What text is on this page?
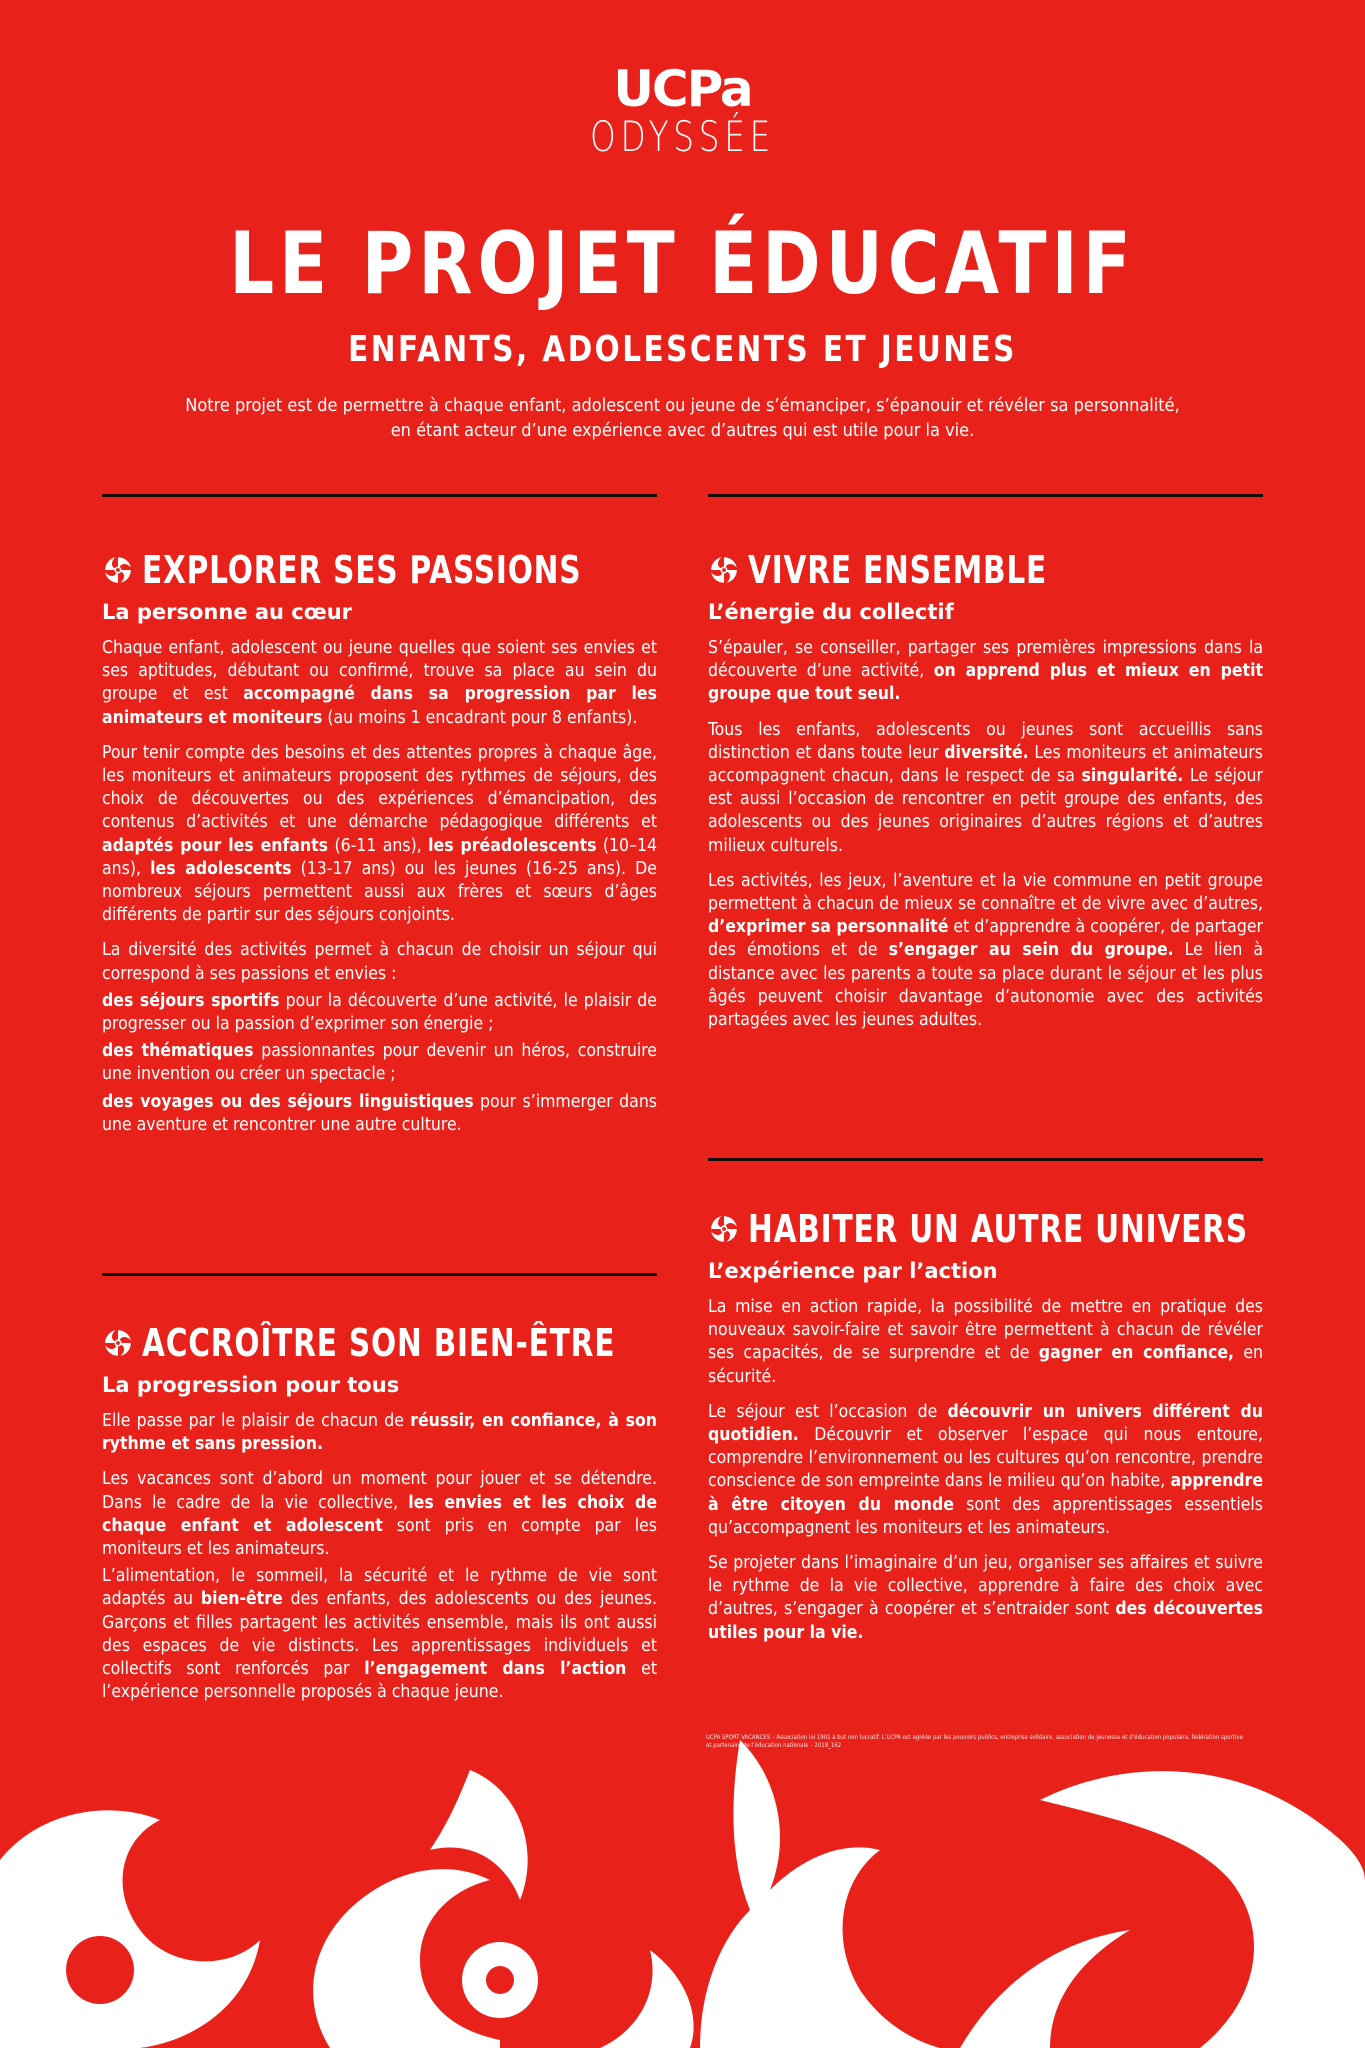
UCPa
ODYSSÉE
LE PROJET ÉDUCATIF
ENFANTS, ADOLESCENTS ET JEUNES

Notre projet est de permettre à chaque enfant, adolescent ou jeune de s’émanciper, s’épanouir et révéler sa personnalité,
en étant acteur d’une expérience avec d’autres qui est utile pour la vie.

EXPLORER SES PASSIONS
La personne au cœur

Chaque enfant, adolescent ou jeune quelles que soient ses envies et ses aptitudes, débutant ou confirmé, trouve sa place au sein du groupe et est accompagné dans sa progression par les animateurs et moniteurs (au moins 1 encadrant pour 8 enfants).

Pour tenir compte des besoins et des attentes propres à chaque âge, les moniteurs et animateurs proposent des rythmes de séjours, des choix de découvertes ou des expériences d’émancipation, des contenus d’activités et une démarche pédagogique différents et adaptés pour les enfants (6-11 ans), les préadolescents (10–14 ans), les adolescents (13-17 ans) ou les jeunes (16-25 ans). De nombreux séjours permettent aussi aux frères et sœurs d’âges différents de partir sur des séjours conjoints.

La diversité des activités permet à chacun de choisir un séjour qui correspond à ses passions et envies :

des séjours sportifs pour la découverte d’une activité, le plaisir de progresser ou la passion d’exprimer son énergie ;

des thématiques passionnantes pour devenir un héros, construire une invention ou créer un spectacle ;

des voyages ou des séjours linguistiques pour s’immerger dans une aventure et rencontrer une autre culture.

ACCROÎTRE SON BIEN-ÊTRE
La progression pour tous

Elle passe par le plaisir de chacun de réussir, en confiance, à son rythme et sans pression.

Les vacances sont d’abord un moment pour jouer et se détendre. Dans le cadre de la vie collective, les envies et les choix de chaque enfant et adolescent sont pris en compte par les moniteurs et les animateurs.

L’alimentation, le sommeil, la sécurité et le rythme de vie sont adaptés au bien-être des enfants, des adolescents ou des jeunes. Garçons et filles partagent les activités ensemble, mais ils ont aussi des espaces de vie distincts. Les apprentissages individuels et collectifs sont renforcés par l’engagement dans l’action et l’expérience personnelle proposés à chaque jeune.

VIVRE ENSEMBLE
L’énergie du collectif

S’épauler, se conseiller, partager ses premières impressions dans la découverte d’une activité, on apprend plus et mieux en petit groupe que tout seul.

Tous les enfants, adolescents ou jeunes sont accueillis sans distinction et dans toute leur diversité. Les moniteurs et animateurs accompagnent chacun, dans le respect de sa singularité. Le séjour est aussi l’occasion de rencontrer en petit groupe des enfants, des adolescents ou des jeunes originaires d’autres régions et d’autres milieux culturels.

Les activités, les jeux, l’aventure et la vie commune en petit groupe permettent à chacun de mieux se connaître et de vivre avec d’autres, d’exprimer sa personnalité et d’apprendre à coopérer, de partager des émotions et de s’engager au sein du groupe. Le lien à distance avec les parents a toute sa place durant le séjour et les plus âgés peuvent choisir davantage d’autonomie avec des activités partagées avec les jeunes adultes.

HABITER UN AUTRE UNIVERS
L’expérience par l’action

La mise en action rapide, la possibilité de mettre en pratique des nouveaux savoir-faire et savoir être permettent à chacun de révéler ses capacités, de se surprendre et de gagner en confiance, en sécurité.

Le séjour est l’occasion de découvrir un univers différent du quotidien. Découvrir et observer l’espace qui nous entoure, comprendre l’environnement ou les cultures qu’on rencontre, prendre conscience de son empreinte dans le milieu qu’on habite, apprendre à être citoyen du monde sont des apprentissages essentiels qu’accompagnent les moniteurs et les animateurs.

Se projeter dans l’imaginaire d’un jeu, organiser ses affaires et suivre le rythme de la vie collective, apprendre à faire des choix avec d’autres, s’engager à coopérer et s’entraider sont des découvertes utiles pour la vie.

UCPA SPORT VACANCES – Association loi 1901 à but non lucratif. L’UCPA est agréée par les pouvoirs publics, entreprise solidaire, association de jeunesse et d’éducation populaire, fédération sportive et partenaire de l’éducation nationale – 2018_162
